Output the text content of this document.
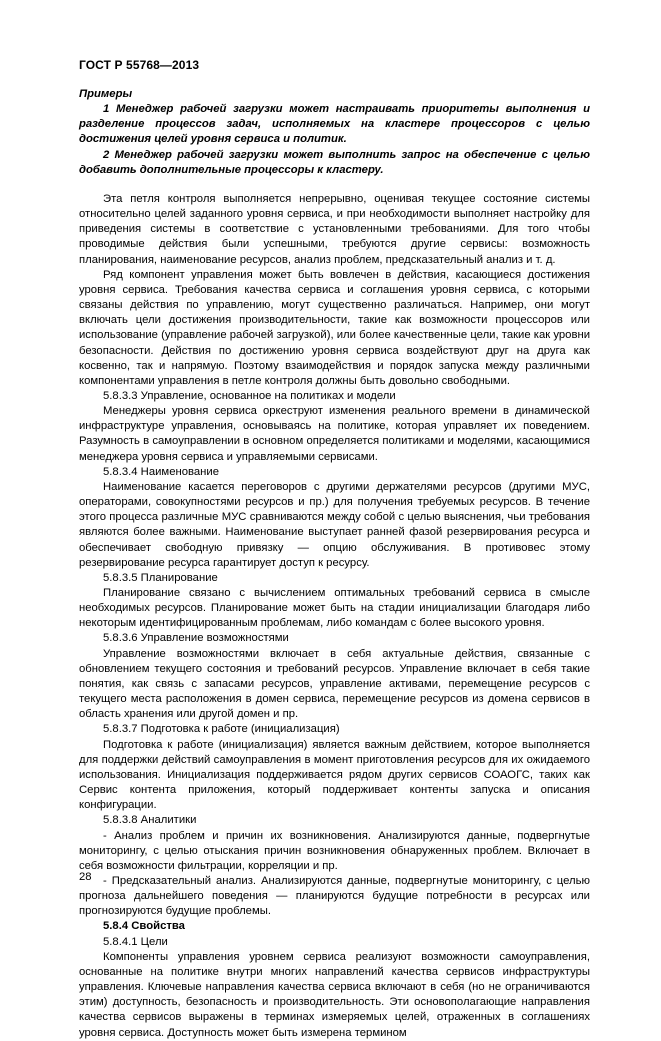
ГОСТ Р 55768—2013

Примеры

1 Менеджер рабочей загрузки может настраивать приоритеты выполнения и разделение процессов задач, исполняемых на кластере процессоров с целью достижения целей уровня сервиса и политик.

2 Менеджер рабочей загрузки может выполнить запрос на обеспечение с целью добавить дополнительные процессоры к кластеру.

Эта петля контроля выполняется непрерывно, оценивая текущее состояние системы относительно целей заданного уровня сервиса, и при необходимости выполняет настройку для приведения системы в соответствие с установленными требованиями. Для того чтобы проводимые действия были успешными, требуются другие сервисы: возможность планирования, наименование ресурсов, анализ проблем, предсказательный анализ и т. д.

Ряд компонент управления может быть вовлечен в действия, касающиеся достижения уровня сервиса. Требования качества сервиса и соглашения уровня сервиса, с которыми связаны действия по управлению, могут существенно различаться. Например, они могут включать цели достижения производительности, такие как возможности процессоров или использование (управление рабочей загрузкой), или более качественные цели, такие как уровни безопасности. Действия по достижению уровня сервиса воздействуют друг на друга как косвенно, так и напрямую. Поэтому взаимодействия и порядок запуска между различными компонентами управления в петле контроля должны быть довольно свободными.

5.8.3.3 Управление, основанное на политиках и модели

Менеджеры уровня сервиса оркеструют изменения реального времени в динамической инфраструктуре управления, основываясь на политике, которая управляет их поведением. Разумность в самоуправлении в основном определяется политиками и моделями, касающимися менеджера уровня сервиса и управляемыми сервисами.

5.8.3.4 Наименование

Наименование касается переговоров с другими держателями ресурсов (другими МУС, операторами, совокупностями ресурсов и пр.) для получения требуемых ресурсов. В течение этого процесса различные МУС сравниваются между собой с целью выяснения, чьи требования являются более важными. Наименование выступает ранней фазой резервирования ресурса и обеспечивает свободную привязку — опцию обслуживания. В противовес этому резервирование ресурса гарантирует доступ к ресурсу.

5.8.3.5 Планирование

Планирование связано с вычислением оптимальных требований сервиса в смысле необходимых ресурсов. Планирование может быть на стадии инициализации благодаря либо некоторым идентифицированным проблемам, либо командам с более высокого уровня.

5.8.3.6 Управление возможностями

Управление возможностями включает в себя актуальные действия, связанные с обновлением текущего состояния и требований ресурсов. Управление включает в себя такие понятия, как связь с запасами ресурсов, управление активами, перемещение ресурсов с текущего места расположения в домен сервиса, перемещение ресурсов из домена сервисов в область хранения или другой домен и пр.

5.8.3.7 Подготовка к работе (инициализация)

Подготовка к работе (инициализация) является важным действием, которое выполняется для поддержки действий самоуправления в момент приготовления ресурсов для их ожидаемого использования. Инициализация поддерживается рядом других сервисов СОАОГС, таких как Сервис контента приложения, который поддерживает контенты запуска и описания конфигурации.

5.8.3.8 Аналитики

- Анализ проблем и причин их возникновения. Анализируются данные, подвергнутые мониторингу, с целью отыскания причин возникновения обнаруженных проблем. Включает в себя возможности фильтрации, корреляции и пр.

- Предсказательный анализ. Анализируются данные, подвергнутые мониторингу, с целью прогноза дальнейшего поведения — планируются будущие потребности в ресурсах или прогнозируются будущие проблемы.

5.8.4 Свойства

5.8.4.1 Цели

Компоненты управления уровнем сервиса реализуют возможности самоуправления, основанные на политике внутри многих направлений качества сервисов инфраструктуры управления. Ключевые направления качества сервиса включают в себя (но не ограничиваются этим) доступность, безопасность и производительность. Эти основополагающие направления качества сервисов выражены в терминах измеряемых целей, отраженных в соглашениях уровня сервиса. Доступность может быть измерена термином

28
